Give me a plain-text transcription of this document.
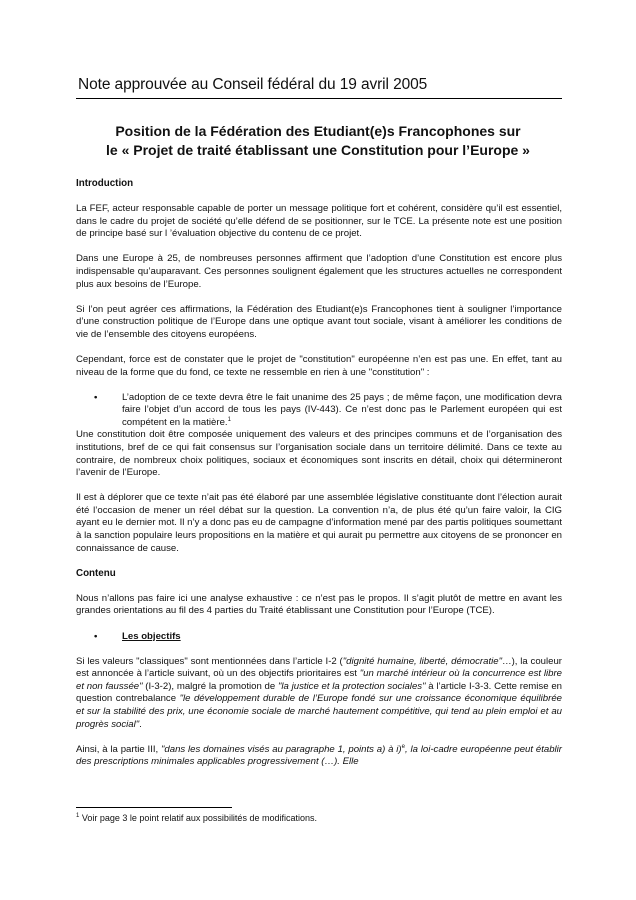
Note approuvée au Conseil fédéral du 19 avril 2005
Position de la Fédération des Etudiant(e)s Francophones sur
le « Projet de traité établissant une Constitution pour l’Europe »
Introduction

La FEF, acteur responsable capable de porter un message politique fort et cohérent, considère qu’il est essentiel, dans le cadre du projet de société qu’elle défend de se positionner, sur le TCE. La présente note est une position de principe basé sur l ’évaluation objective du contenu de ce projet.

Dans une Europe à 25, de nombreuses personnes affirment que l’adoption d’une Constitution est encore plus indispensable qu’auparavant. Ces personnes soulignent également que les structures actuelles ne correspondent plus aux besoins de l’Europe.

Si l’on peut agréer ces affirmations, la Fédération des Etudiant(e)s Francophones tient à souligner l’importance d’une construction politique de l’Europe dans une optique avant tout sociale, visant à améliorer les conditions de vie de l’ensemble des citoyens européens.

Cependant, force est de constater que le projet de "constitution" européenne n’en est pas une. En effet, tant au niveau de la forme que du fond, ce texte ne ressemble en rien à une "constitution" :

•	L’adoption de ce texte devra être le fait unanime des 25 pays ; de même façon, une modification devra faire l’objet d’un accord de tous les pays (IV-443). Ce n’est donc pas le Parlement européen qui est compétent en la matière.$^1$

Une constitution doit être composée uniquement des valeurs et des principes communs et de l’organisation des institutions, bref de ce qui fait consensus sur l’organisation sociale dans un territoire délimité. Dans ce texte au contraire, de nombreux choix politiques, sociaux et économiques sont inscrits en détail, choix qui détermineront l’avenir de l’Europe.

Il est à déplorer que ce texte n’ait pas été élaboré par une assemblée législative constituante dont l’élection aurait été l’occasion de mener un réel débat sur la question. La convention n’a, de plus été qu’un faire valoir, la CIG ayant eu le dernier mot. Il n’y a donc pas eu de campagne d’information mené par des partis politiques soumettant à la sanction populaire leurs propositions en la matière et qui aurait pu permettre aux citoyens de se prononcer en connaissance de cause.

Contenu

Nous n’allons pas faire ici une analyse exhaustive : ce n’est pas le propos. Il s’agit plutôt de mettre en avant les grandes orientations au fil des 4 parties du Traité établissant une Constitution pour l’Europe (TCE).

•	Les objectifs

Si les valeurs "classiques" sont mentionnées dans l’article I-2 ("dignité humaine, liberté, démocratie"…), la couleur est annoncée à l’article suivant, où un des objectifs prioritaires est "un marché intérieur où la concurrence est libre et non faussée" (I-3-2), malgré la promotion de "la justice et la protection sociales" à l’article I-3-3. Cette remise en question contrebalance "le développement durable de l’Europe fondé sur une croissance économique équilibrée et sur la stabilité des prix, une économie sociale de marché hautement compétitive, qui tend au plein emploi et au progrès social".

Ainsi, à la partie III, "dans les domaines visés au paragraphe 1, points a) à i)$^e$, la loi-cadre européenne peut établir des prescriptions minimales applicables progressivement (…). Elle

$^1$ Voir page 3 le point relatif aux possibilités de modifications.
